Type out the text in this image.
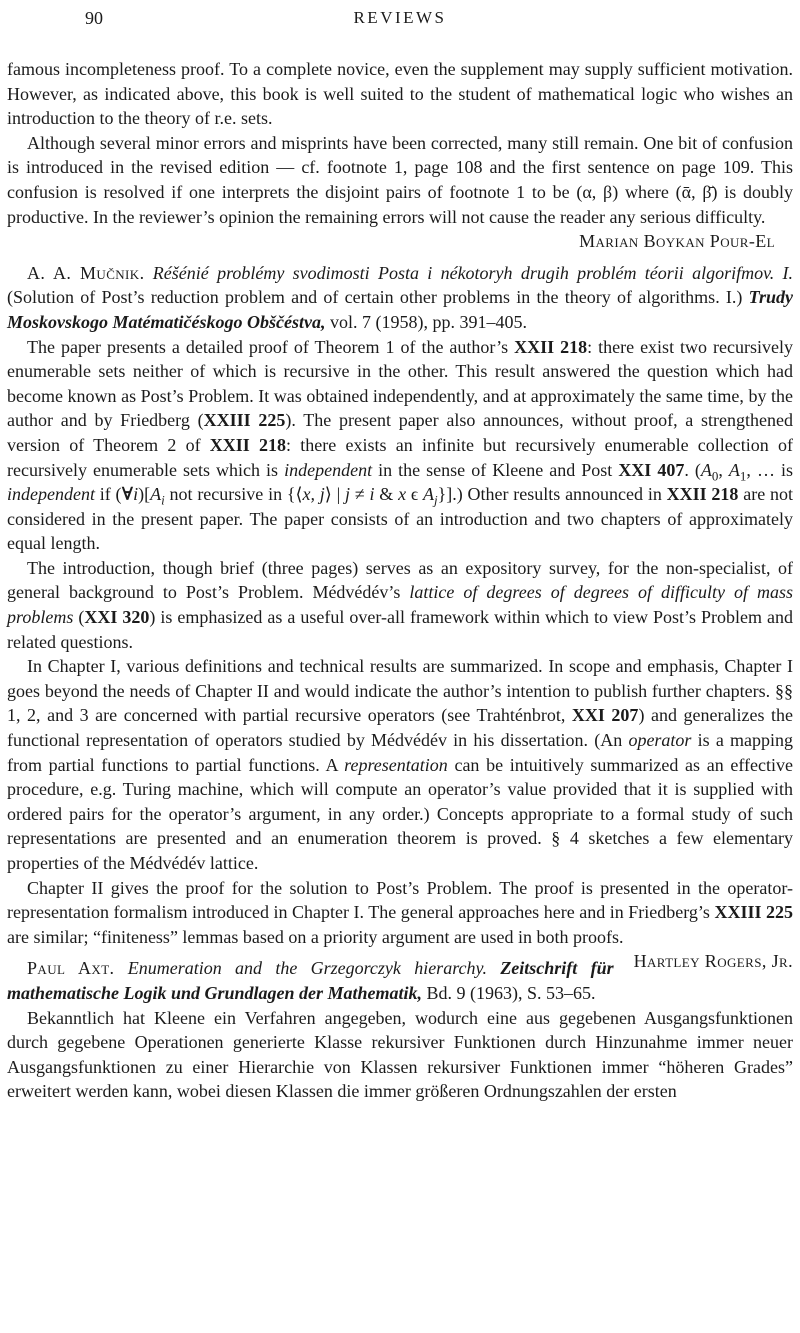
90	REVIEWS

famous incompleteness proof. To a complete novice, even the supplement may supply sufficient motivation. However, as indicated above, this book is well suited to the student of mathematical logic who wishes an introduction to the theory of r.e. sets.

Although several minor errors and misprints have been corrected, many still remain. One bit of confusion is introduced in the revised edition — cf. footnote 1, page 108 and the first sentence on page 109. This confusion is resolved if one interprets the disjoint pairs of footnote 1 to be (α, β) where (ᾱ, β̄) is doubly productive. In the reviewer’s opinion the remaining errors will not cause the reader any serious difficulty.

Marian Boykan Pour-El

A. A. Mučnik. Réšénié problémy svodimosti Posta i nékotoryh drugih problém téorii algorifmov. I. (Solution of Post’s reduction problem and of certain other problems in the theory of algorithms. I.) Trudy Moskovskogo Matématičéskogo Obščéstva, vol. 7 (1958), pp. 391–405.

The paper presents a detailed proof of Theorem 1 of the author’s XXII 218: there exist two recursively enumerable sets neither of which is recursive in the other. This result answered the question which had become known as Post’s Problem. It was obtained independently, and at approximately the same time, by the author and by Friedberg (XXIII 225). The present paper also announces, without proof, a strengthened version of Theorem 2 of XXII 218: there exists an infinite but recursively enumerable collection of recursively enumerable sets which is independent in the sense of Kleene and Post XXI 407. ($A_0$, $A_1$, … is independent if $(\forall i)[A_i$ not recursive in {⟨x, j⟩ | j ≠ i & x ϵ $A_j$}].) Other results announced in XXII 218 are not considered in the present paper. The paper consists of an introduction and two chapters of approximately equal length.

The introduction, though brief (three pages) serves as an expository survey, for the non-specialist, of general background to Post’s Problem. Médvédév’s lattice of degrees of degrees of difficulty of mass problems (XXI 320) is emphasized as a useful over-all framework within which to view Post’s Problem and related questions.

In Chapter I, various definitions and technical results are summarized. In scope and emphasis, Chapter I goes beyond the needs of Chapter II and would indicate the author’s intention to publish further chapters. §§ 1, 2, and 3 are concerned with partial recursive operators (see Trahténbrot, XXI 207) and generalizes the functional representation of operators studied by Médvédév in his dissertation. (An operator is a mapping from partial functions to partial functions. A representation can be intuitively summarized as an effective procedure, e.g. Turing machine, which will compute an operator’s value provided that it is supplied with ordered pairs for the operator’s argument, in any order.) Concepts appropriate to a formal study of such representations are presented and an enumeration theorem is proved. § 4 sketches a few elementary properties of the Médvédév lattice.

Chapter II gives the proof for the solution to Post’s Problem. The proof is presented in the operator-representation formalism introduced in Chapter I. The general approaches here and in Friedberg’s XXIII 225 are similar; “finiteness” lemmas based on a priority argument are used in both proofs.
Hartley Rogers, Jr.

Paul Axt. Enumeration and the Grzegorczyk hierarchy. Zeitschrift für mathematische Logik und Grundlagen der Mathematik, Bd. 9 (1963), S. 53–65.

Bekanntlich hat Kleene ein Verfahren angegeben, wodurch eine aus gegebenen Ausgangsfunktionen durch gegebene Operationen generierte Klasse rekursiver Funktionen durch Hinzunahme immer neuer Ausgangsfunktionen zu einer Hierarchie von Klassen rekursiver Funktionen immer “höheren Grades” erweitert werden kann, wobei diesen Klassen die immer größeren Ordnungszahlen der ersten
